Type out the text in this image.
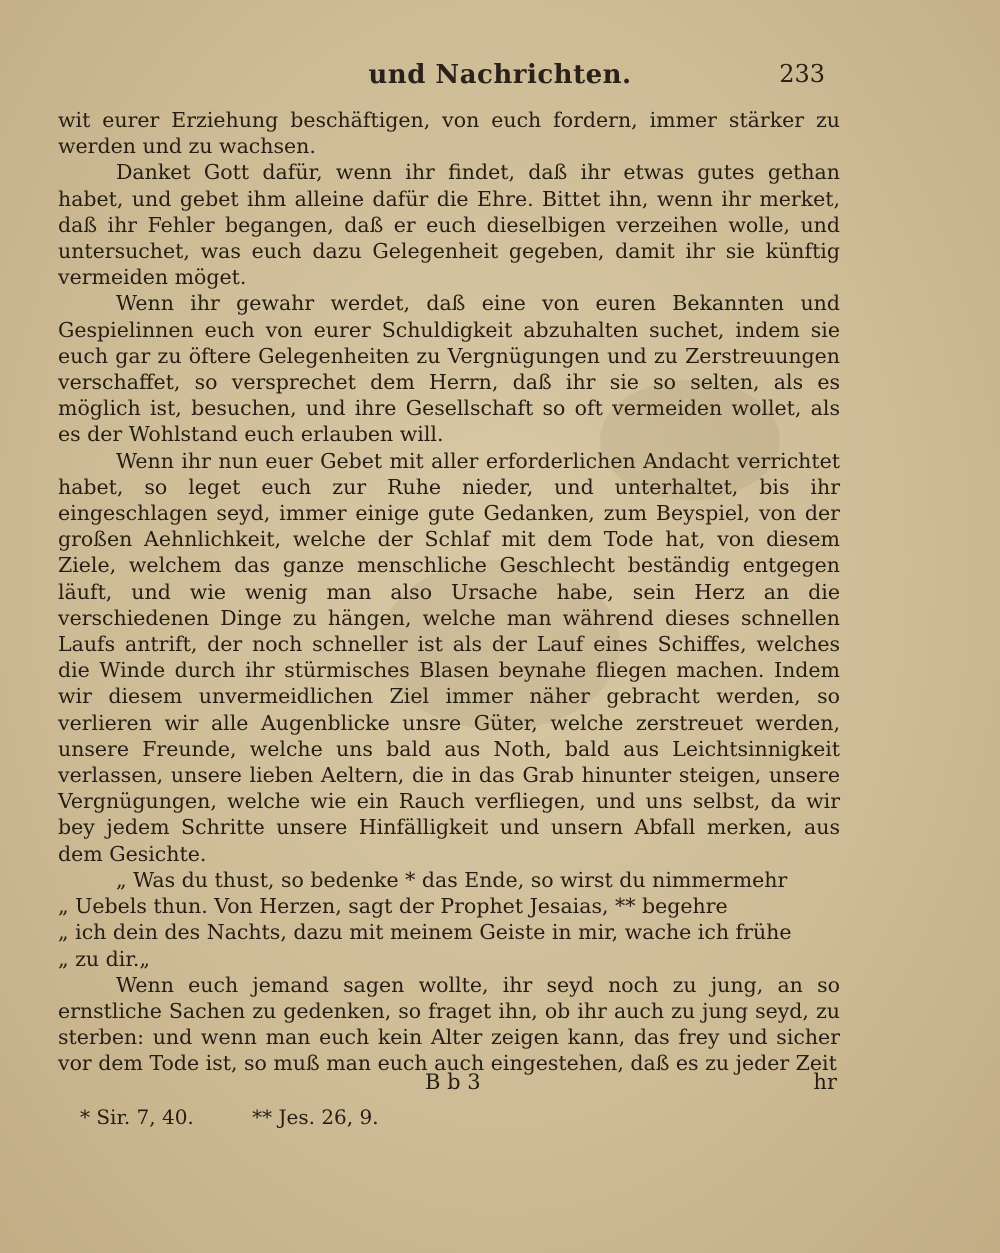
und Nachrichten.	233

wit eurer Erziehung beschäftigen, von euch fordern, immer stärker zu werden und zu wachsen.

Danket Gott dafür, wenn ihr findet, daß ihr etwas gutes gethan habet, und gebet ihm alleine dafür die Ehre. Bittet ihn, wenn ihr merket, daß ihr Fehler begangen, daß er euch dieselbigen verzeihen wolle, und untersuchet, was euch dazu Gelegenheit gegeben, damit ihr sie künftig vermeiden möget.

Wenn ihr gewahr werdet, daß eine von euren Bekannten und Gespielinnen euch von eurer Schuldigkeit abzuhalten suchet, indem sie euch gar zu öftere Gelegenheiten zu Vergnügungen und zu Zerstreuungen verschaffet, so versprechet dem Herrn, daß ihr sie so selten, als es möglich ist, besuchen, und ihre Gesellschaft so oft vermeiden wollet, als es der Wohlstand euch erlauben will.

Wenn ihr nun euer Gebet mit aller erforderlichen Andacht verrichtet habet, so leget euch zur Ruhe nieder, und unterhaltet, bis ihr eingeschlagen seyd, immer einige gute Gedanken, zum Beyspiel, von der großen Aehnlichkeit, welche der Schlaf mit dem Tode hat, von diesem Ziele, welchem das ganze menschliche Geschlecht beständig entgegen läuft, und wie wenig man also Ursache habe, sein Herz an die verschiedenen Dinge zu hängen, welche man während dieses schnellen Laufs antrift, der noch schneller ist als der Lauf eines Schiffes, welches die Winde durch ihr stürmisches Blasen beynahe fliegen machen. Indem wir diesem unvermeidlichen Ziel immer näher gebracht werden, so verlieren wir alle Augenblicke unsre Güter, welche zerstreuet werden, unsere Freunde, welche uns bald aus Noth, bald aus Leichtsinnigkeit verlassen, unsere lieben Aeltern, die in das Grab hinunter steigen, unsere Vergnügungen, welche wie ein Rauch verfliegen, und uns selbst, da wir bey jedem Schritte unsere Hinfälligkeit und unsern Abfall merken, aus dem Gesichte.

„ Was du thust, so bedenke * das Ende, so wirst du nimmermehr
„ Uebels thun. Von Herzen, sagt der Prophet Jesaias, ** begehre
„ ich dein des Nachts, dazu mit meinem Geiste in mir, wache ich frühe
„ zu dir.„

Wenn euch jemand sagen wollte, ihr seyd noch zu jung, an so ernstliche Sachen zu gedenken, so fraget ihn, ob ihr auch zu jung seyd, zu sterben: und wenn man euch kein Alter zeigen kann, das frey und sicher vor dem Tode ist, so muß man euch auch eingestehen, daß es zu jeder Zeit

B b 3	hr
* Sir. 7, 40.	** Jes. 26, 9.
